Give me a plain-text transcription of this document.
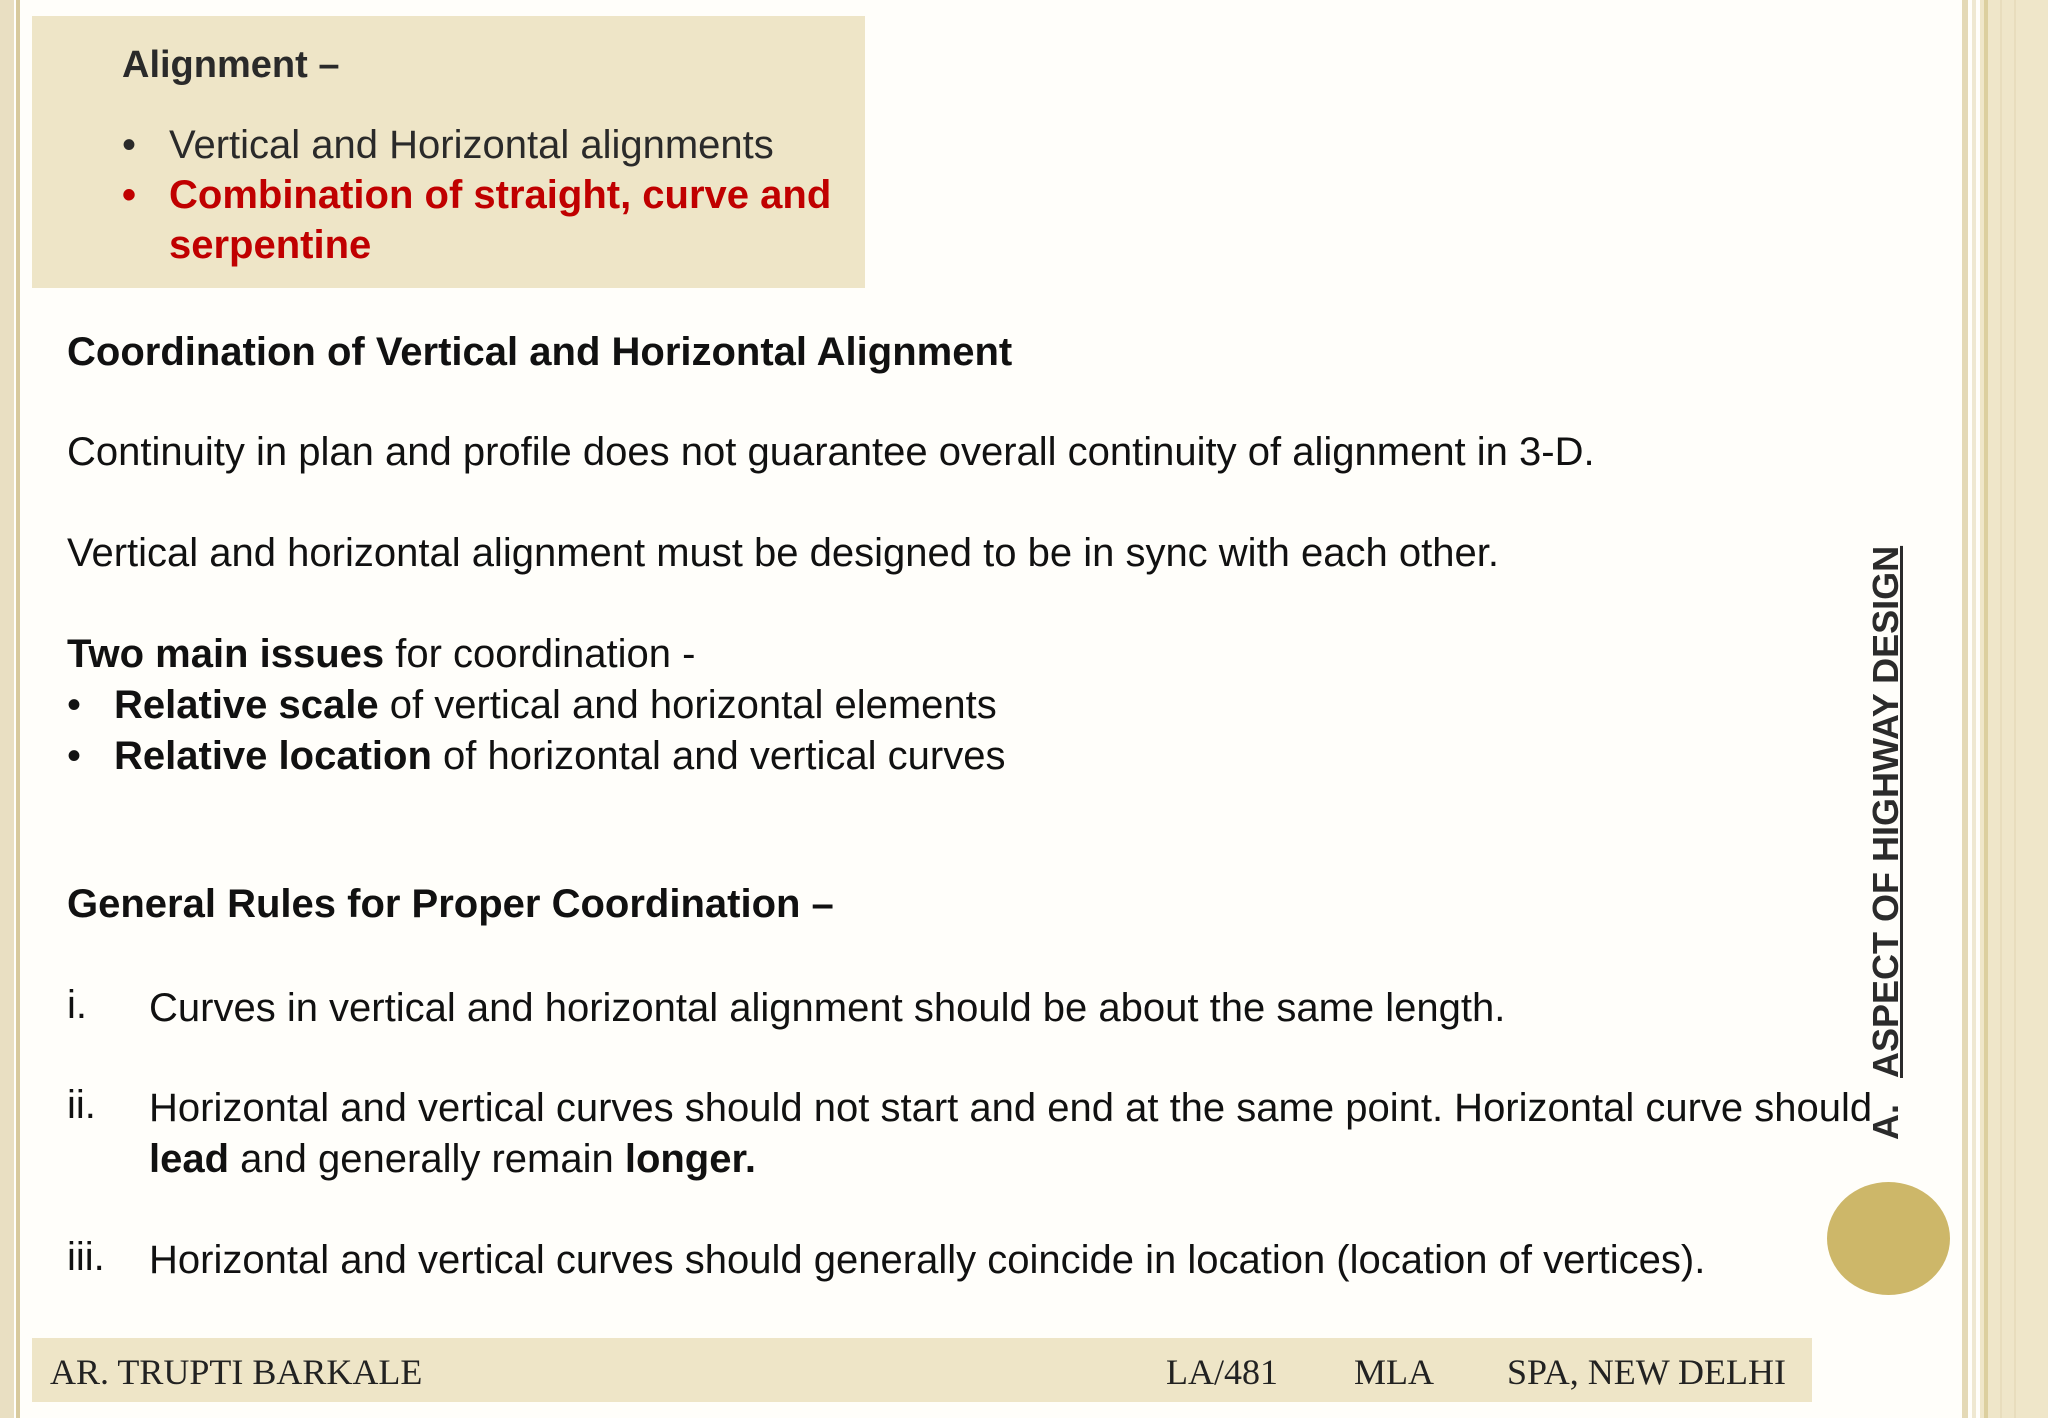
Alignment –

• Vertical and Horizontal alignments
• Combination of straight, curve and serpentine
Coordination of Vertical and Horizontal Alignment
Continuity in plan and profile does not guarantee overall continuity of alignment in 3-D.
Vertical and horizontal alignment must be designed to be in sync with each other.
Two main issues for coordination -
• Relative scale of vertical and horizontal elements
• Relative location of horizontal and vertical curves
General Rules for Proper Coordination –
i. Curves in vertical and horizontal alignment should be about the same length.
ii. Horizontal and vertical curves should not start and end at the same point. Horizontal curve should lead and generally remain longer.
iii. Horizontal and vertical curves should generally coincide in location (location of vertices).
A.ASPECT OF HIGHWAY DESIGN
AR. TRUPTI BARKALE	LA/481 MLA SPA, NEW DELHI
